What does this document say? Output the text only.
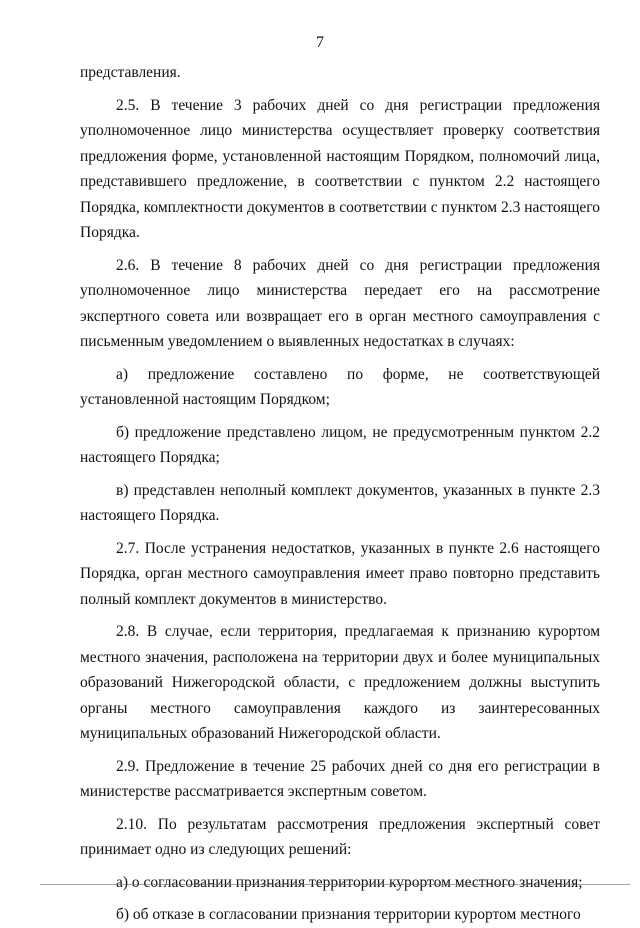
7

представления.

2.5. В течение 3 рабочих дней со дня регистрации предложения уполномоченное лицо министерства осуществляет проверку соответствия предложения форме, установленной настоящим Порядком, полномочий лица, представившего предложение, в соответствии с пунктом 2.2 настоящего Порядка, комплектности документов в соответствии с пунктом 2.3 настоящего Порядка.

2.6. В течение 8 рабочих дней со дня регистрации предложения уполномоченное лицо министерства передает его на рассмотрение экспертного совета или возвращает его в орган местного самоуправления с письменным уведомлением о выявленных недостатках в случаях:

а) предложение составлено по форме, не соответствующей установленной настоящим Порядком;

б) предложение представлено лицом, не предусмотренным пунктом 2.2 настоящего Порядка;

в) представлен неполный комплект документов, указанных в пункте 2.3 настоящего Порядка.

2.7. После устранения недостатков, указанных в пункте 2.6 настоящего Порядка, орган местного самоуправления имеет право повторно представить полный комплект документов в министерство.

2.8. В случае, если территория, предлагаемая к признанию курортом местного значения, расположена на территории двух и более муниципальных образований Нижегородской области, с предложением должны выступить органы местного самоуправления каждого из заинтересованных муниципальных образований Нижегородской области.

2.9. Предложение в течение 25 рабочих дней со дня его регистрации в министерстве рассматривается экспертным советом.

2.10. По результатам рассмотрения предложения экспертный совет принимает одно из следующих решений:

а) о согласовании признания территории курортом местного значения;

б) об отказе в согласовании признания территории курортом местного
